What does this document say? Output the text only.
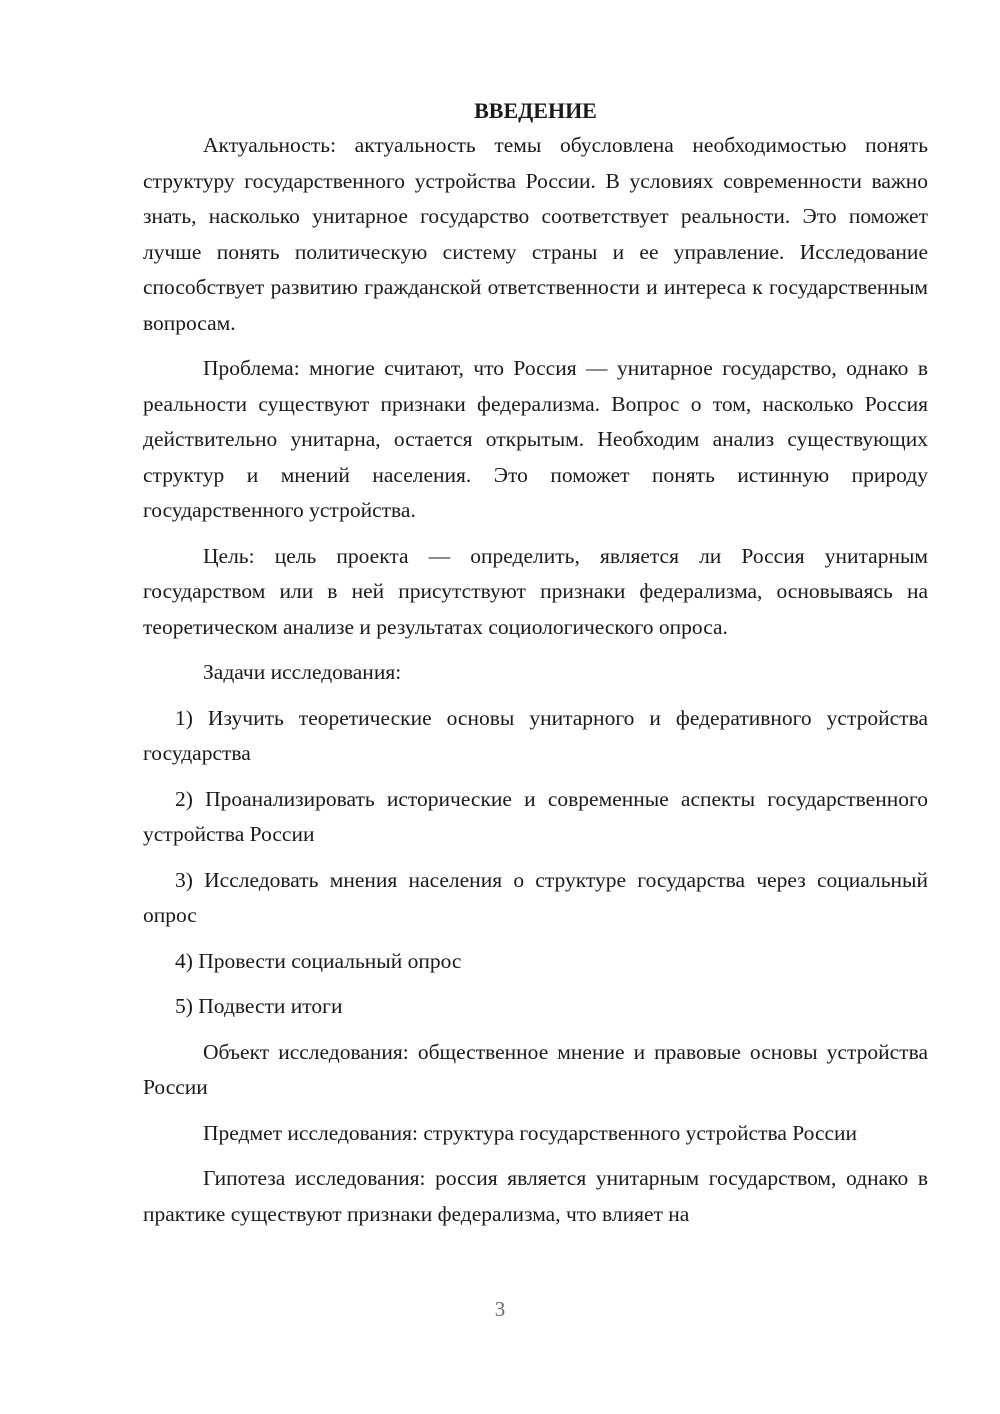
ВВЕДЕНИЕ

Актуальность: актуальность темы обусловлена необходимостью понять структуру государственного устройства России. В условиях современности важно знать, насколько унитарное государство соответствует реальности. Это поможет лучше понять политическую систему страны и ее управление. Исследование способствует развитию гражданской ответственности и интереса к государственным вопросам.

Проблема: многие считают, что Россия — унитарное государство, однако в реальности существуют признаки федерализма. Вопрос о том, насколько Россия действительно унитарна, остается открытым. Необходим анализ существующих структур и мнений населения. Это поможет понять истинную природу государственного устройства.

Цель: цель проекта — определить, является ли Россия унитарным государством или в ней присутствуют признаки федерализма, основываясь на теоретическом анализе и результатах социологического опроса.

Задачи исследования:

1) Изучить теоретические основы унитарного и федеративного устройства государства

2) Проанализировать исторические и современные аспекты государственного устройства России

3) Исследовать мнения населения о структуре государства через социальный опрос

4) Провести социальный опрос

5) Подвести итоги

Объект исследования: общественное мнение и правовые основы устройства России

Предмет исследования: структура государственного устройства России

Гипотеза исследования: россия является унитарным государством, однако в практике существуют признаки федерализма, что влияет на

3
